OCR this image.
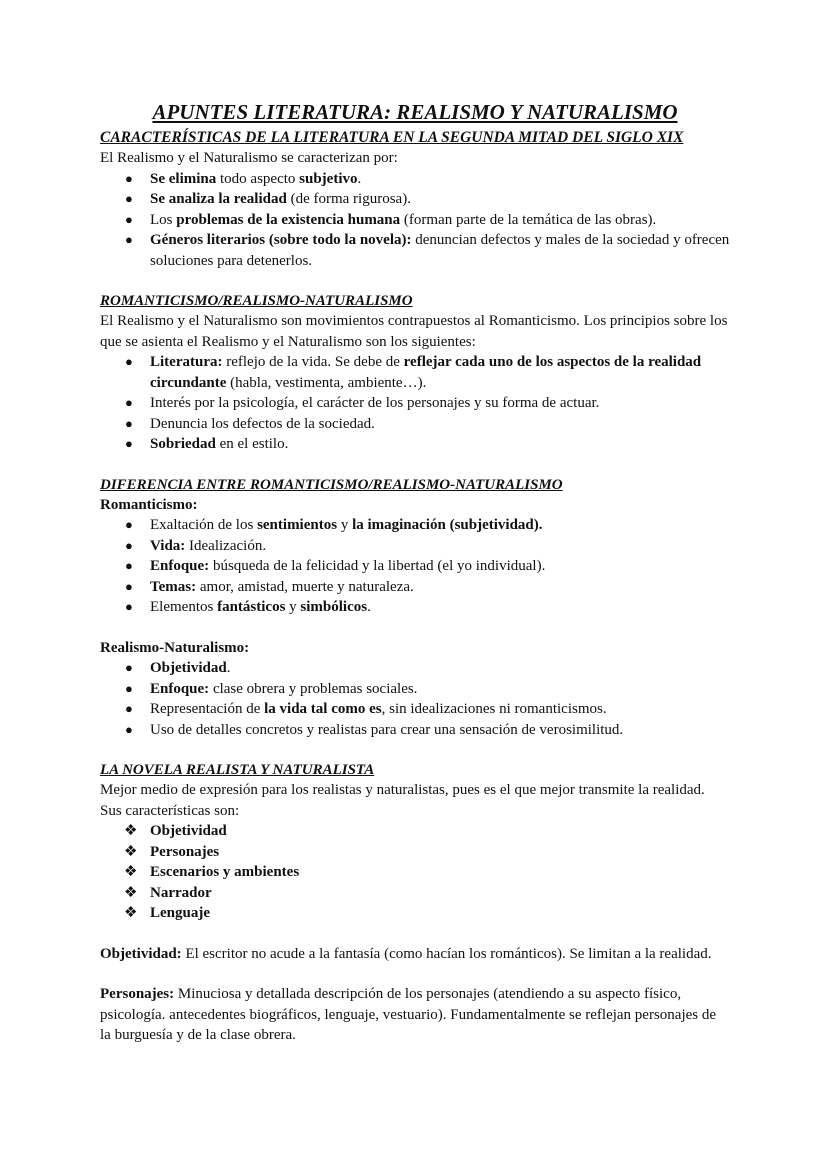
APUNTES LITERATURA: REALISMO Y NATURALISMO

CARACTERÍSTICAS DE LA LITERATURA EN LA SEGUNDA MITAD DEL SIGLO XIX

El Realismo y el Naturalismo se caracterizan por:

● Se elimina todo aspecto subjetivo.
● Se analiza la realidad (de forma rigurosa).
● Los problemas de la existencia humana (forman parte de la temática de las obras).
● Géneros literarios (sobre todo la novela): denuncian defectos y males de la sociedad y ofrecen soluciones para detenerlos.

ROMANTICISMO/REALISMO-NATURALISMO

El Realismo y el Naturalismo son movimientos contrapuestos al Romanticismo. Los principios sobre los que se asienta el Realismo y el Naturalismo son los siguientes:

● Literatura: reflejo de la vida. Se debe de reflejar cada uno de los aspectos de la realidad circundante (habla, vestimenta, ambiente…).
● Interés por la psicología, el carácter de los personajes y su forma de actuar.
● Denuncia los defectos de la sociedad.
● Sobriedad en el estilo.

DIFERENCIA ENTRE ROMANTICISMO/REALISMO-NATURALISMO

Romanticismo:

● Exaltación de los sentimientos y la imaginación (subjetividad).
● Vida: Idealización.
● Enfoque: búsqueda de la felicidad y la libertad (el yo individual).
● Temas: amor, amistad, muerte y naturaleza.
● Elementos fantásticos y simbólicos.

Realismo-Naturalismo:

● Objetividad.
● Enfoque: clase obrera y problemas sociales.
● Representación de la vida tal como es, sin idealizaciones ni romanticismos.
● Uso de detalles concretos y realistas para crear una sensación de verosimilitud.

LA NOVELA REALISTA Y NATURALISTA

Mejor medio de expresión para los realistas y naturalistas, pues es el que mejor transmite la realidad. Sus características son:

❖ Objetividad
❖ Personajes
❖ Escenarios y ambientes
❖ Narrador
❖ Lenguaje

Objetividad: El escritor no acude a la fantasía (como hacían los románticos). Se limitan a la realidad.

Personajes: Minuciosa y detallada descripción de los personajes (atendiendo a su aspecto físico, psicología. antecedentes biográficos, lenguaje, vestuario). Fundamentalmente se reflejan personajes de la burguesía y de la clase obrera.
